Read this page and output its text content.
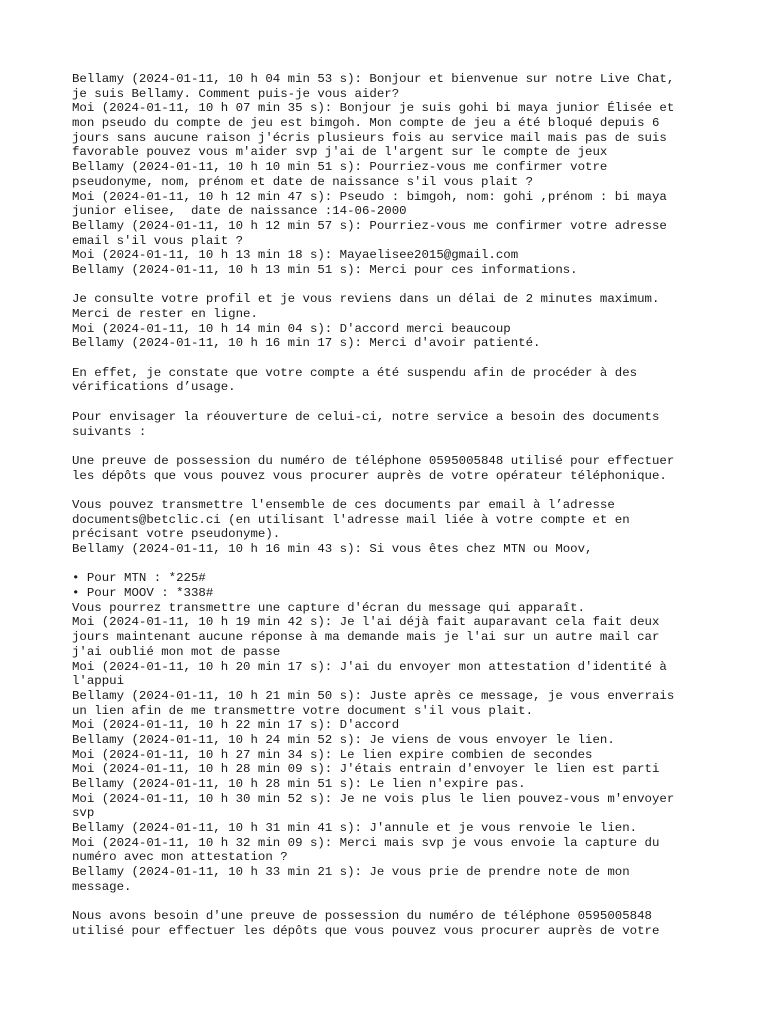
Bellamy (2024-01-11, 10 h 04 min 53 s): Bonjour et bienvenue sur notre Live Chat,
je suis Bellamy. Comment puis-je vous aider?
Moi (2024-01-11, 10 h 07 min 35 s): Bonjour je suis gohi bi maya junior Élisée et
mon pseudo du compte de jeu est bimgoh. Mon compte de jeu a été bloqué depuis 6
jours sans aucune raison j'écris plusieurs fois au service mail mais pas de suis
favorable pouvez vous m'aider svp j'ai de l'argent sur le compte de jeux
Bellamy (2024-01-11, 10 h 10 min 51 s): Pourriez-vous me confirmer votre
pseudonyme, nom, prénom et date de naissance s'il vous plait ?
Moi (2024-01-11, 10 h 12 min 47 s): Pseudo : bimgoh, nom: gohi ,prénom : bi maya
junior elisee,  date de naissance :14-06-2000
Bellamy (2024-01-11, 10 h 12 min 57 s): Pourriez-vous me confirmer votre adresse
email s'il vous plait ?
Moi (2024-01-11, 10 h 13 min 18 s): Mayaelisee2015@gmail.com
Bellamy (2024-01-11, 10 h 13 min 51 s): Merci pour ces informations.
Je consulte votre profil et je vous reviens dans un délai de 2 minutes maximum.
Merci de rester en ligne.
Moi (2024-01-11, 10 h 14 min 04 s): D'accord merci beaucoup
Bellamy (2024-01-11, 10 h 16 min 17 s): Merci d'avoir patienté.
En effet, je constate que votre compte a été suspendu afin de procéder à des
vérifications d’usage.
Pour envisager la réouverture de celui-ci, notre service a besoin des documents
suivants :
Une preuve de possession du numéro de téléphone 0595005848 utilisé pour effectuer
les dépôts que vous pouvez vous procurer auprès de votre opérateur téléphonique.
Vous pouvez transmettre l'ensemble de ces documents par email à l’adresse
documents@betclic.ci (en utilisant l'adresse mail liée à votre compte et en
précisant votre pseudonyme).
Bellamy (2024-01-11, 10 h 16 min 43 s): Si vous êtes chez MTN ou Moov,
• Pour MTN : *225#
• Pour MOOV : *338#
Vous pourrez transmettre une capture d'écran du message qui apparaît.
Moi (2024-01-11, 10 h 19 min 42 s): Je l'ai déjà fait auparavant cela fait deux
jours maintenant aucune réponse à ma demande mais je l'ai sur un autre mail car
j'ai oublié mon mot de passe
Moi (2024-01-11, 10 h 20 min 17 s): J'ai du envoyer mon attestation d'identité à
l'appui
Bellamy (2024-01-11, 10 h 21 min 50 s): Juste après ce message, je vous enverrais
un lien afin de me transmettre votre document s'il vous plait.
Moi (2024-01-11, 10 h 22 min 17 s): D'accord
Bellamy (2024-01-11, 10 h 24 min 52 s): Je viens de vous envoyer le lien.
Moi (2024-01-11, 10 h 27 min 34 s): Le lien expire combien de secondes
Moi (2024-01-11, 10 h 28 min 09 s): J'étais entrain d'envoyer le lien est parti
Bellamy (2024-01-11, 10 h 28 min 51 s): Le lien n'expire pas.
Moi (2024-01-11, 10 h 30 min 52 s): Je ne vois plus le lien pouvez-vous m'envoyer
svp
Bellamy (2024-01-11, 10 h 31 min 41 s): J'annule et je vous renvoie le lien.
Moi (2024-01-11, 10 h 32 min 09 s): Merci mais svp je vous envoie la capture du
numéro avec mon attestation ?
Bellamy (2024-01-11, 10 h 33 min 21 s): Je vous prie de prendre note de mon
message.
Nous avons besoin d'une preuve de possession du numéro de téléphone 0595005848
utilisé pour effectuer les dépôts que vous pouvez vous procurer auprès de votre
